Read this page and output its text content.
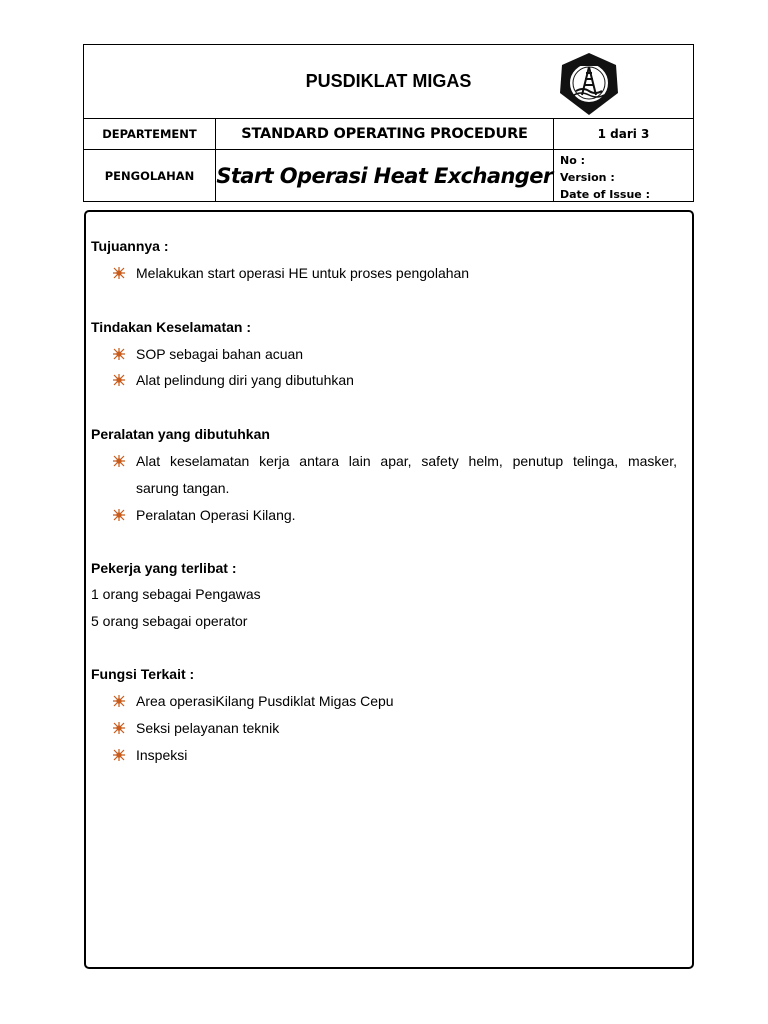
PUSDIKLAT MIGAS
DEPARTEMENT	STANDARD OPERATING PROCEDURE	1 dari 3
PENGOLAHAN	Start Operasi Heat Exchanger
No :
Version :
Date of Issue :
Tujuannya :
Melakukan start operasi HE untuk proses pengolahan
Tindakan Keselamatan :
SOP sebagai bahan acuan
Alat pelindung diri yang dibutuhkan
Peralatan yang dibutuhkan
Alat keselamatan kerja antara lain apar, safety helm, penutup telinga, masker,
sarung tangan.
Peralatan Operasi Kilang.
Pekerja yang terlibat :
1 orang sebagai Pengawas
5 orang sebagai operator
Fungsi Terkait :
Area operasiKilang Pusdiklat Migas Cepu
Seksi pelayanan teknik
Inspeksi
